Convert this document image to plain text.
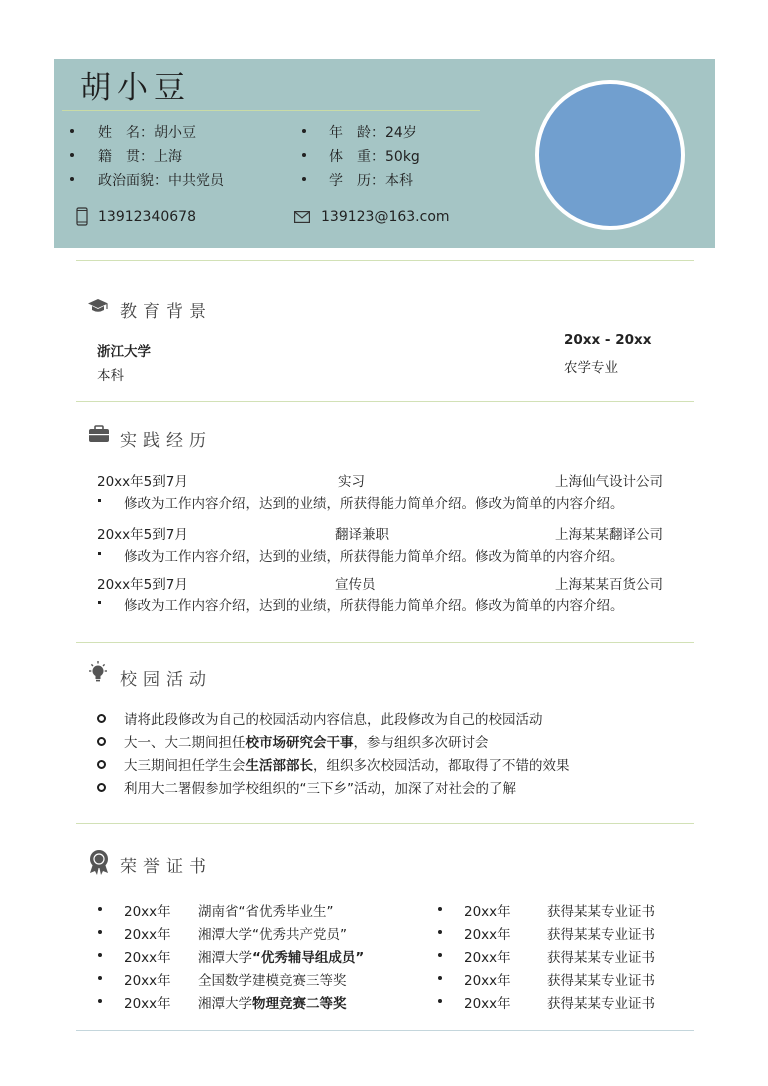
胡小豆
姓　名：胡小豆
籍　贯：上海
政治面貌：中共党员
年　龄：24岁
体　重：50kg
学　历：本科
13912340678	139123@163.com
教育背景
浙江大学
本科
20xx - 20xx
农学专业
实践经历
20xx年5到7月	实习	上海仙气设计公司
修改为工作内容介绍，达到的业绩，所获得能力简单介绍。修改为简单的内容介绍。
20xx年5到7月	翻译兼职	上海某某翻译公司
修改为工作内容介绍，达到的业绩，所获得能力简单介绍。修改为简单的内容介绍。
20xx年5到7月	宣传员	上海某某百货公司
修改为工作内容介绍，达到的业绩，所获得能力简单介绍。修改为简单的内容介绍。
校园活动
请将此段修改为自己的校园活动内容信息，此段修改为自己的校园活动
大一、大二期间担任校市场研究会干事，参与组织多次研讨会
大三期间担任学生会生活部部长，组织多次校园活动，都取得了不错的效果
利用大二署假参加学校组织的“三下乡”活动，加深了对社会的了解
荣誉证书
20xx年 湖南省“省优秀毕业生”
20xx年 湘潭大学“优秀共产党员”
20xx年 湘潭大学“优秀辅导组成员”
20xx年 全国数学建模竞赛三等奖
20xx年 湘潭大学物理竞赛二等奖
20xx年	获得某某专业证书
20xx年	获得某某专业证书
20xx年	获得某某专业证书
20xx年	获得某某专业证书
20xx年	获得某某专业证书
